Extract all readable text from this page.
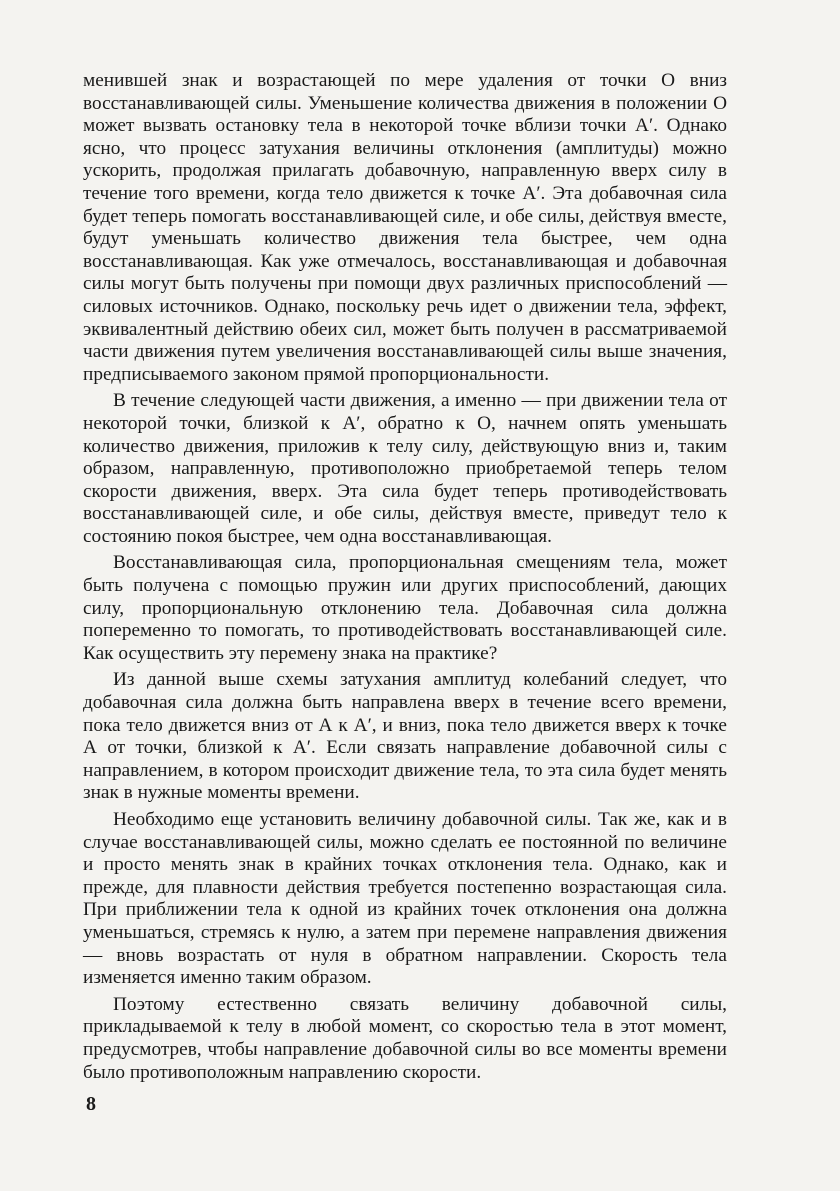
менившей знак и возрастающей по мере удаления от точки О вниз восстанавливающей силы. Уменьшение количества движения в положении О может вызвать остановку тела в некоторой точке вблизи точки А′. Однако ясно, что процесс затухания величины отклонения (амплитуды) можно ускорить, продолжая прилагать добавочную, направленную вверх силу в течение того времени, когда тело движется к точке А′. Эта добавочная сила будет теперь помогать восстанавливающей силе, и обе силы, действуя вместе, будут уменьшать количество движения тела быстрее, чем одна восстанавливающая. Как уже отмечалось, восстанавливающая и добавочная силы могут быть получены при помощи двух различных приспособлений — силовых источников. Однако, поскольку речь идет о движении тела, эффект, эквивалентный действию обеих сил, может быть получен в рассматриваемой части движения путем увеличения восстанавливающей силы выше значения, предписываемого законом прямой пропорциональности.

В течение следующей части движения, а именно — при движении тела от некоторой точки, близкой к А′, обратно к О, начнем опять уменьшать количество движения, приложив к телу силу, действующую вниз и, таким образом, направленную, противоположно приобретаемой теперь телом скорости движения, вверх. Эта сила будет теперь противодействовать восстанавливающей силе, и обе силы, действуя вместе, приведут тело к состоянию покоя быстрее, чем одна восстанавливающая.

Восстанавливающая сила, пропорциональная смещениям тела, может быть получена с помощью пружин или других приспособлений, дающих силу, пропорциональную отклонению тела. Добавочная сила должна попеременно то помогать, то противодействовать восстанавливающей силе. Как осуществить эту перемену знака на практике?

Из данной выше схемы затухания амплитуд колебаний следует, что добавочная сила должна быть направлена вверх в течение всего времени, пока тело движется вниз от А к А′, и вниз, пока тело движется вверх к точке А от точки, близкой к А′. Если связать направление добавочной силы с направлением, в котором происходит движение тела, то эта сила будет менять знак в нужные моменты времени.

Необходимо еще установить величину добавочной силы. Так же, как и в случае восстанавливающей силы, можно сделать ее постоянной по величине и просто менять знак в крайних точках отклонения тела. Однако, как и прежде, для плавности действия требуется постепенно возрастающая сила. При приближении тела к одной из крайних точек отклонения она должна уменьшаться, стремясь к нулю, а затем при перемене направления движения — вновь возрастать от нуля в обратном направлении. Скорость тела изменяется именно таким образом.

Поэтому естественно связать величину добавочной силы, прикладываемой к телу в любой момент, со скоростью тела в этот момент, предусмотрев, чтобы направление добавочной силы во все моменты времени было противоположным направлению скорости.

8
